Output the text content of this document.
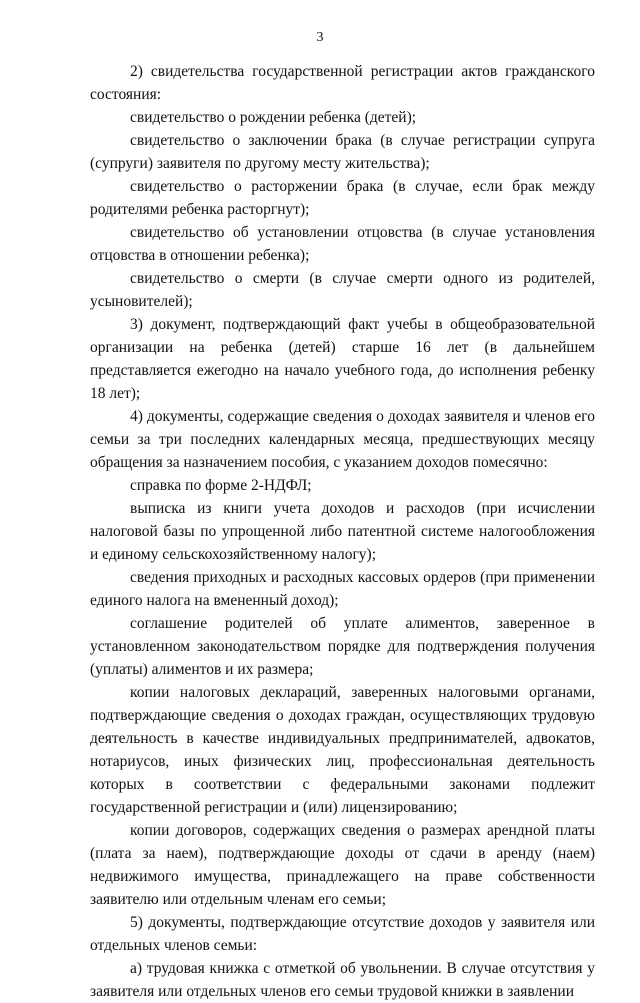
3

2) свидетельства государственной регистрации актов гражданского состояния:

свидетельство о рождении ребенка (детей);

свидетельство о заключении брака (в случае регистрации супруга (супруги) заявителя по другому месту жительства);

свидетельство о расторжении брака (в случае, если брак между родителями ребенка расторгнут);

свидетельство об установлении отцовства (в случае установления отцовства в отношении ребенка);

свидетельство о смерти (в случае смерти одного из родителей, усыновителей);

3) документ, подтверждающий факт учебы в общеобразовательной организации на ребенка (детей) старше 16 лет (в дальнейшем представляется ежегодно на начало учебного года, до исполнения ребенку 18 лет);

4) документы, содержащие сведения о доходах заявителя и членов его семьи за три последних календарных месяца, предшествующих месяцу обращения за назначением пособия, с указанием доходов помесячно:

справка по форме 2-НДФЛ;

выписка из книги учета доходов и расходов (при исчислении налоговой базы по упрощенной либо патентной системе налогообложения и единому сельскохозяйственному налогу);

сведения приходных и расходных кассовых ордеров (при применении единого налога на вмененный доход);

соглашение родителей об уплате алиментов, заверенное в установленном законодательством порядке для подтверждения получения (уплаты) алиментов и их размера;

копии налоговых деклараций, заверенных налоговыми органами, подтверждающие сведения о доходах граждан, осуществляющих трудовую деятельность в качестве индивидуальных предпринимателей, адвокатов, нотариусов, иных физических лиц, профессиональная деятельность которых в соответствии с федеральными законами подлежит государственной регистрации и (или) лицензированию;

копии договоров, содержащих сведения о размерах арендной платы (плата за наем), подтверждающие доходы от сдачи в аренду (наем) недвижимого имущества, принадлежащего на праве собственности заявителю или отдельным членам его семьи;

5) документы, подтверждающие отсутствие доходов у заявителя или отдельных членов семьи:

а) трудовая книжка с отметкой об увольнении. В случае отсутствия у заявителя или отдельных членов его семьи трудовой книжки в заявлении
